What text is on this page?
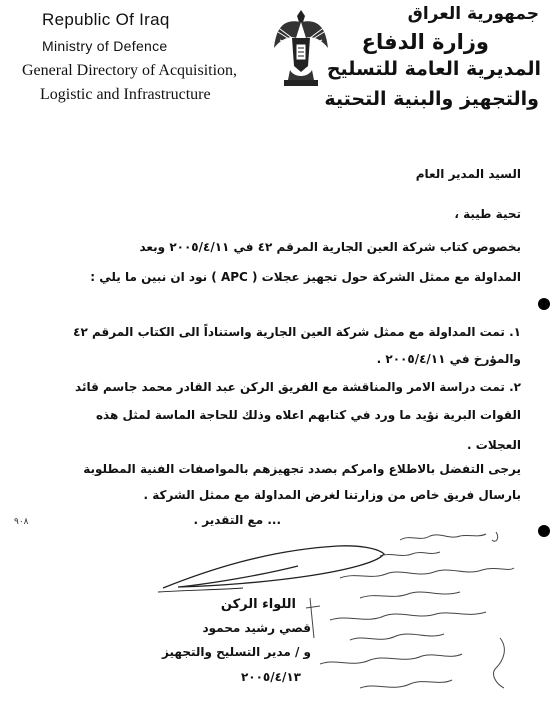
Republic Of Iraq
Ministry of Defence
General Directory of Acquisition,
Logistic and Infrastructure
جمهورية العراق
وزارة الدفاع
المديرية العامة للتسليح
والتجهيز والبنية التحتية
السيد المدير العام
تحية طيبة ،
بخصوص كتاب شركة العين الجارية المرقم ٤٢ في ٢٠٠٥/٤/١١ وبعد
المداولة مع ممثل الشركة حول تجهيز عجلات ( APC ) نود ان نبين ما يلي :
١. تمت المداولة مع ممثل شركة العين الجارية واستناداً الى الكتاب المرقم ٤٢
والمؤرخ في ٢٠٠٥/٤/١١ .
٢. تمت دراسة الامر والمناقشة مع الفريق الركن عبد القادر محمد جاسم قائد
القوات البرية نؤيد ما ورد في كتابهم اعلاه وذلك للحاجة الماسة لمثل هذه
العجلات .
يرجى التفضل بالاطلاع وامركم بصدد تجهيزهم بالمواصفات الفنية المطلوبة
بارسال فريق خاص من وزارتنا لغرض المداولة مع ممثل الشركة .
... مع التقدير .
٩٠٨
اللواء الركن
قصي رشيد محمود
و / مدير التسليح والتجهيز
٢٠٠٥/٤/١٣
